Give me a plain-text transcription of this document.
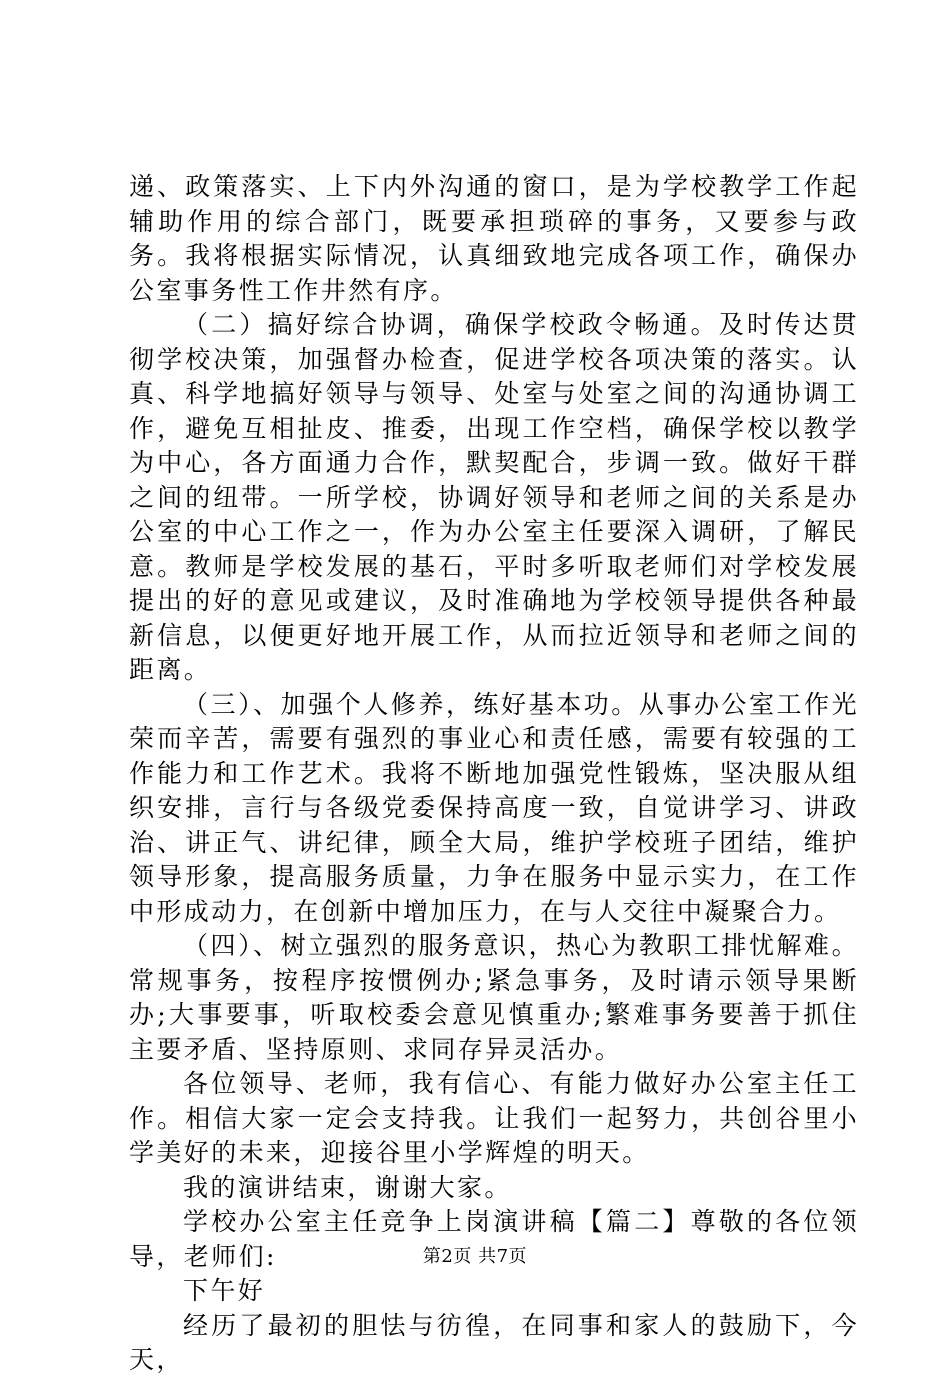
递、政策落实、上下内外沟通的窗口，是为学校教学工作起辅助作用的综合部门，既要承担琐碎的事务，又要参与政务。我将根据实际情况，认真细致地完成各项工作，确保办公室事务性工作井然有序。

（二）搞好综合协调，确保学校政令畅通。及时传达贯彻学校决策，加强督办检查，促进学校各项决策的落实。认真、科学地搞好领导与领导、处室与处室之间的沟通协调工作，避免互相扯皮、推委，出现工作空档，确保学校以教学为中心，各方面通力合作，默契配合，步调一致。做好干群之间的纽带。一所学校，协调好领导和老师之间的关系是办公室的中心工作之一，作为办公室主任要深入调研，了解民意。教师是学校发展的基石，平时多听取老师们对学校发展提出的好的意见或建议，及时准确地为学校领导提供各种最新信息，以便更好地开展工作，从而拉近领导和老师之间的距离。

（三）、加强个人修养，练好基本功。从事办公室工作光荣而辛苦，需要有强烈的事业心和责任感，需要有较强的工作能力和工作艺术。我将不断地加强党性锻炼，坚决服从组织安排，言行与各级党委保持高度一致，自觉讲学习、讲政治、讲正气、讲纪律，顾全大局，维护学校班子团结，维护领导形象，提高服务质量，力争在服务中显示实力，在工作中形成动力，在创新中增加压力，在与人交往中凝聚合力。

（四）、树立强烈的服务意识，热心为教职工排忧解难。常规事务，按程序按惯例办;紧急事务，及时请示领导果断办;大事要事，听取校委会意见慎重办;繁难事务要善于抓住主要矛盾、坚持原则、求同存异灵活办。

各位领导、老师，我有信心、有能力做好办公室主任工作。相信大家一定会支持我。让我们一起努力，共创谷里小学美好的未来，迎接谷里小学辉煌的明天。

我的演讲结束，谢谢大家。

学校办公室主任竞争上岗演讲稿【篇二】尊敬的各位领导，老师们:

下午好

经历了最初的胆怯与彷徨，在同事和家人的鼓励下，今天，

第2页 共7页
